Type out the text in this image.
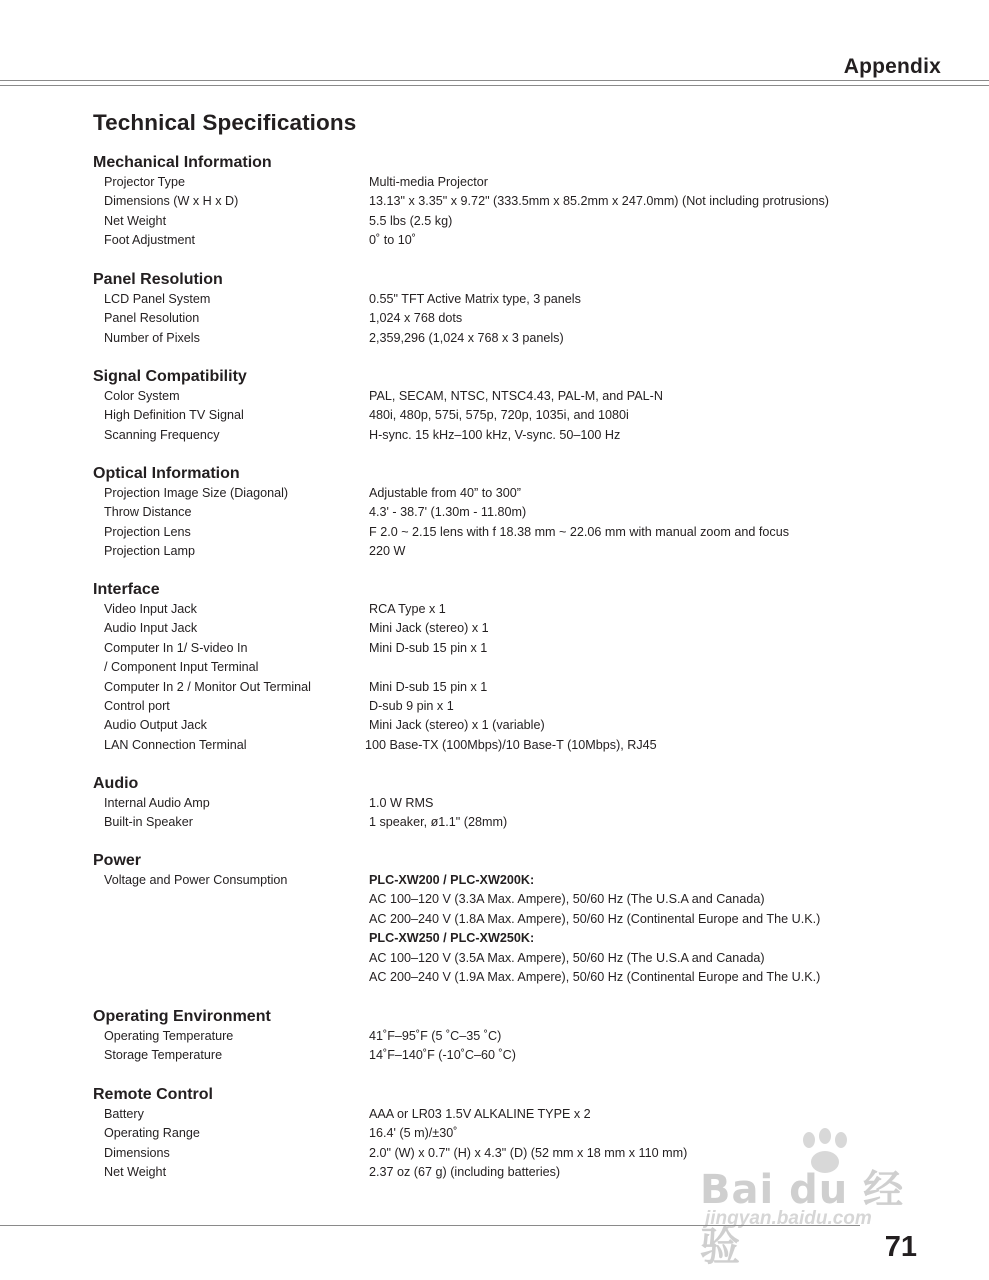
Appendix
Technical Specifications
Mechanical Information
Projector Type	Multi-media Projector
Dimensions (W x H x D)	13.13" x 3.35" x 9.72" (333.5mm x 85.2mm x 247.0mm) (Not including protrusions)
Net Weight	5.5 lbs (2.5 kg)
Foot Adjustment	0˚ to 10˚
Panel Resolution
LCD Panel System	0.55" TFT Active Matrix type, 3 panels
Panel Resolution	1,024 x 768 dots
Number of Pixels	2,359,296 (1,024 x 768 x 3 panels)
Signal Compatibility
Color System	PAL, SECAM, NTSC, NTSC4.43, PAL-M, and PAL-N
High Definition TV Signal	480i, 480p, 575i, 575p, 720p, 1035i, and 1080i
Scanning Frequency	H-sync. 15 kHz–100 kHz, V-sync. 50–100 Hz
Optical Information
Projection Image Size (Diagonal)	Adjustable from 40” to 300”
Throw Distance	4.3' - 38.7' (1.30m - 11.80m)
Projection Lens	F 2.0 ~ 2.15 lens with f 18.38 mm ~ 22.06 mm with manual zoom and focus
Projection Lamp	220 W
Interface
Video Input Jack	RCA Type x 1
Audio Input Jack	Mini Jack (stereo) x 1
Computer In 1/ S-video In	Mini D-sub 15 pin x 1
/ Component Input Terminal
Computer In 2 / Monitor Out Terminal	Mini D-sub 15 pin x 1
Control port	D-sub 9 pin x 1
Audio Output Jack	Mini Jack (stereo) x 1 (variable)
LAN Connection Terminal	100 Base-TX (100Mbps)/10 Base-T (10Mbps), RJ45
Audio
Internal Audio Amp	1.0 W RMS
Built-in Speaker	1 speaker, ø1.1" (28mm)
Power
Voltage and Power Consumption	PLC-XW200 / PLC-XW200K:
AC 100–120 V (3.3A Max. Ampere), 50/60 Hz (The U.S.A and Canada)
AC 200–240 V (1.8A Max. Ampere), 50/60 Hz (Continental Europe and The U.K.)
PLC-XW250 / PLC-XW250K:
AC 100–120 V (3.5A Max. Ampere), 50/60 Hz (The U.S.A and Canada)
AC 200–240 V (1.9A Max. Ampere), 50/60 Hz (Continental Europe and The U.K.)
Operating Environment
Operating Temperature	41˚F–95˚F (5 ˚C–35 ˚C)
Storage Temperature	14˚F–140˚F (-10˚C–60 ˚C)
Remote Control
Battery	AAA or LR03 1.5V ALKALINE TYPE x 2
Operating Range	16.4' (5 m)/±30˚
Dimensions	2.0" (W) x 0.7" (H) x 4.3" (D) (52 mm x 18 mm x 110 mm)
Net Weight	2.37 oz (67 g) (including batteries)	Bai du 经验
jingyan.baidu.com
71
